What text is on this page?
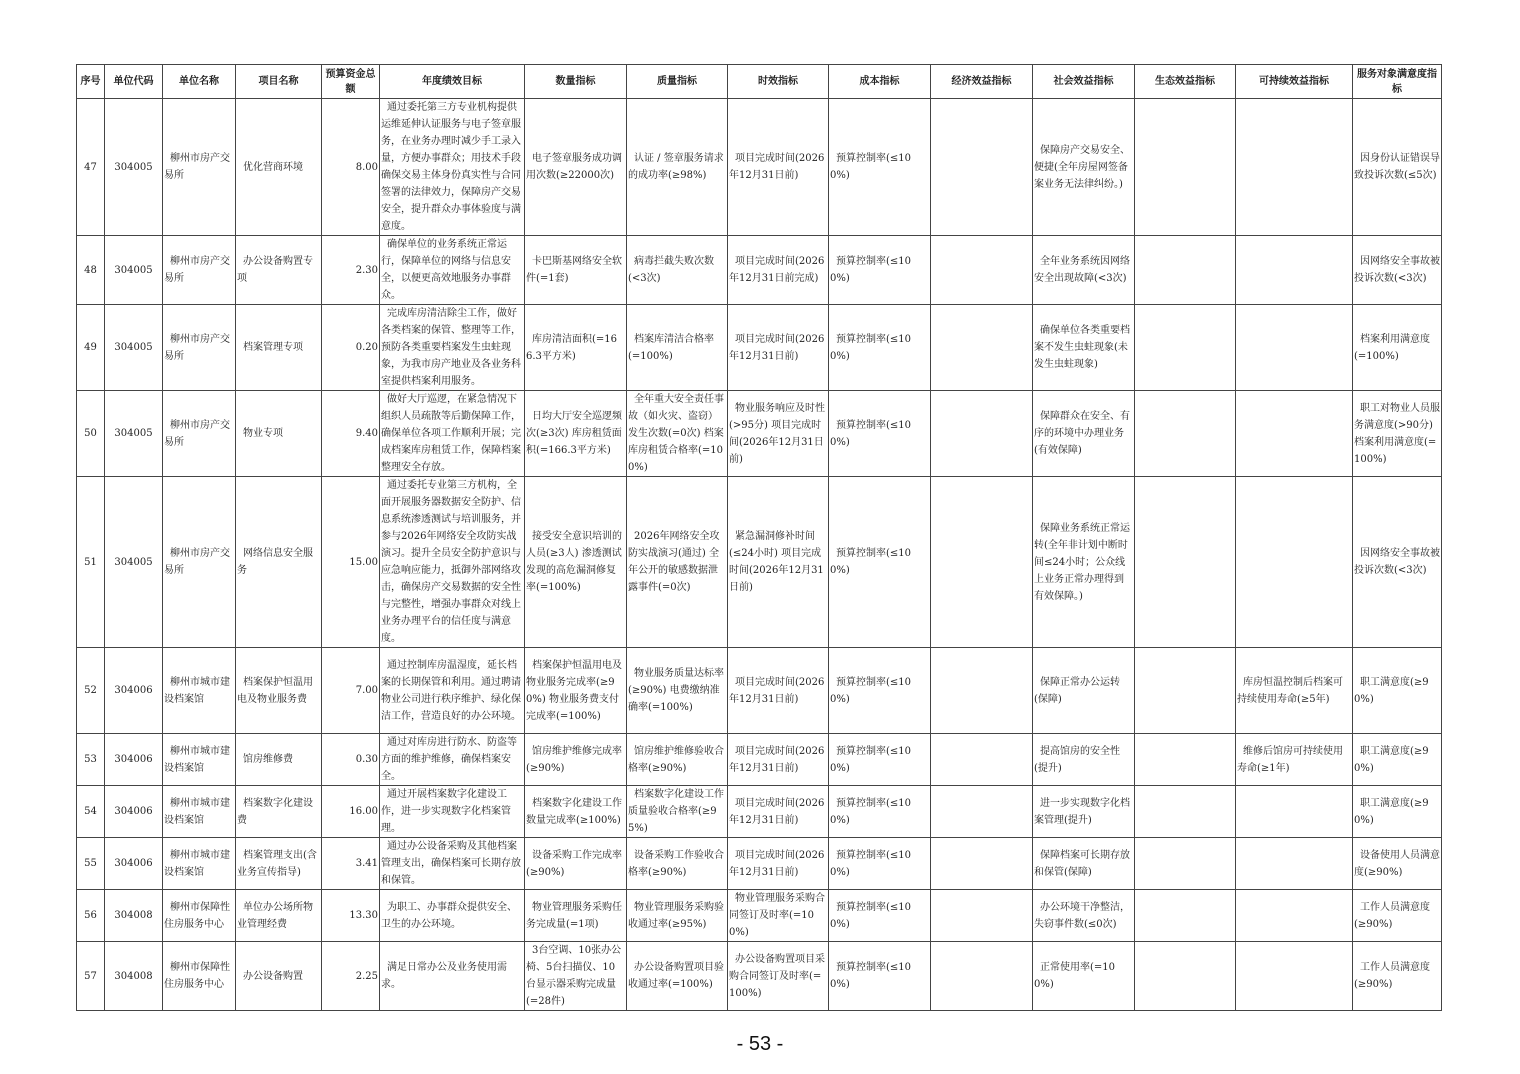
序号	单位代码	单位名称	项目名称	预算资金总额	年度绩效目标	数量指标	质量指标	时效指标	成本指标	经济效益指标	社会效益指标	生态效益指标	可持续效益指标	服务对象满意度指标
47	304005	柳州市房产交易所	优化营商环境	8.00	通过委托第三方专业机构提供运维延伸认证服务与电子签章服务，在业务办理时减少手工录入量，方便办事群众；用技术手段确保交易主体身份真实性与合同签署的法律效力，保障房产交易安全，提升群众办事体验度与满意度。	电子签章服务成功调用次数(≥22000次)	认证 / 签章服务请求的成功率(≥98%)	项目完成时间(2026年12月31日前)	预算控制率(≤100%)		保障房产交易安全、便捷(全年房屋网签备案业务无法律纠纷。)			因身份认证错误导致投诉次数(≤5次)
48	304005	柳州市房产交易所	办公设备购置专项	2.30	确保单位的业务系统正常运行，保障单位的网络与信息安全，以便更高效地服务办事群众。	卡巴斯基网络安全软件(=1套)	病毒拦截失败次数(<3次)	项目完成时间(2026年12月31日前完成)	预算控制率(≤100%)		全年业务系统因网络安全出现故障(<3次)			因网络安全事故被投诉次数(<3次)
49	304005	柳州市房产交易所	档案管理专项	0.20	完成库房清洁除尘工作，做好各类档案的保管、整理等工作，预防各类重要档案发生虫蛀现象，为我市房产地业及各业务科室提供档案利用服务。	库房清洁面积(=166.3平方米)	档案库清洁合格率(=100%)	项目完成时间(2026年12月31日前)	预算控制率(≤100%)		确保单位各类重要档案不发生虫蛀现象(未发生虫蛀现象)			档案利用满意度(=100%)
50	304005	柳州市房产交易所	物业专项	9.40	做好大厅巡逻，在紧急情况下组织人员疏散等后勤保障工作，确保单位各项工作顺利开展；完成档案库房租赁工作，保障档案整理安全存放。	日均大厅安全巡逻频次(≥3次) 库房租赁面积(=166.3平方米)	全年重大安全责任事故（如火灾、盗窃）发生次数(=0次) 档案库房租赁合格率(=100%)	物业服务响应及时性(>95分) 项目完成时间(2026年12月31日前)	预算控制率(≤100%)		保障群众在安全、有序的环境中办理业务(有效保障)			职工对物业人员服务满意度(>90分) 档案利用满意度(=100%)
51	304005	柳州市房产交易所	网络信息安全服务	15.00	通过委托专业第三方机构，全面开展服务器数据安全防护、信息系统渗透测试与培训服务，并参与2026年网络安全攻防实战演习。提升全员安全防护意识与应急响应能力，抵御外部网络攻击，确保房产交易数据的安全性与完整性，增强办事群众对线上业务办理平台的信任度与满意度。	接受安全意识培训的人员(≥3人) 渗透测试发现的高危漏洞修复率(=100%)	2026年网络安全攻防实战演习(通过) 全年公开的敏感数据泄露事件(=0次)	紧急漏洞修补时间(≤24小时) 项目完成时间(2026年12月31日前)	预算控制率(≤100%)		保障业务系统正常运转(全年非计划中断时间≤24小时；公众线上业务正常办理得到有效保障。)			因网络安全事故被投诉次数(<3次)
52	304006	柳州市城市建设档案馆	档案保护恒温用电及物业服务费	7.00	通过控制库房温湿度，延长档案的长期保管和利用。通过聘请物业公司进行秩序维护、绿化保洁工作，营造良好的办公环境。	档案保护恒温用电及物业服务完成率(≥90%) 物业服务费支付完成率(=100%)	物业服务质量达标率(≥90%) 电费缴纳准确率(=100%)	项目完成时间(2026年12月31日前)	预算控制率(≤100%)		保障正常办公运转(保障)		库房恒温控制后档案可持续使用寿命(≥5年)	职工满意度(≥90%)
53	304006	柳州市城市建设档案馆	馆房维修费	0.30	通过对库房进行防水、防盗等方面的维护维修，确保档案安全。	馆房维护维修完成率(≥90%)	馆房维护维修验收合格率(≥90%)	项目完成时间(2026年12月31日前)	预算控制率(≤100%)		提高馆房的安全性(提升)		维修后馆房可持续使用寿命(≥1年)	职工满意度(≥90%)
54	304006	柳州市城市建设档案馆	档案数字化建设费	16.00	通过开展档案数字化建设工作，进一步实现数字化档案管理。	档案数字化建设工作数量完成率(≥100%)	档案数字化建设工作质量验收合格率(≥95%)	项目完成时间(2026年12月31日前)	预算控制率(≤100%)		进一步实现数字化档案管理(提升)			职工满意度(≥90%)
55	304006	柳州市城市建设档案馆	档案管理支出(含业务宣传指导)	3.41	通过办公设备采购及其他档案管理支出，确保档案可长期存放和保管。	设备采购工作完成率(≥90%)	设备采购工作验收合格率(≥90%)	项目完成时间(2026年12月31日前)	预算控制率(≤100%)		保障档案可长期存放和保管(保障)			设备使用人员满意度(≥90%)
56	304008	柳州市保障性住房服务中心	单位办公场所物业管理经费	13.30	为职工、办事群众提供安全、卫生的办公环境。	物业管理服务采购任务完成量(=1项)	物业管理服务采购验收通过率(≥95%)	物业管理服务采购合同签订及时率(=100%)	预算控制率(≤100%)		办公环境干净整洁，失窃事件数(≤0次)			工作人员满意度(≥90%)
57	304008	柳州市保障性住房服务中心	办公设备购置	2.25	满足日常办公及业务使用需求。	3台空调、10张办公椅、5台扫描仪、10台显示器采购完成量(=28件)	办公设备购置项目验收通过率(=100%)	办公设备购置项目采购合同签订及时率(=100%)	预算控制率(≤100%)		正常使用率(=100%)			工作人员满意度(≥90%)
- 53 -
